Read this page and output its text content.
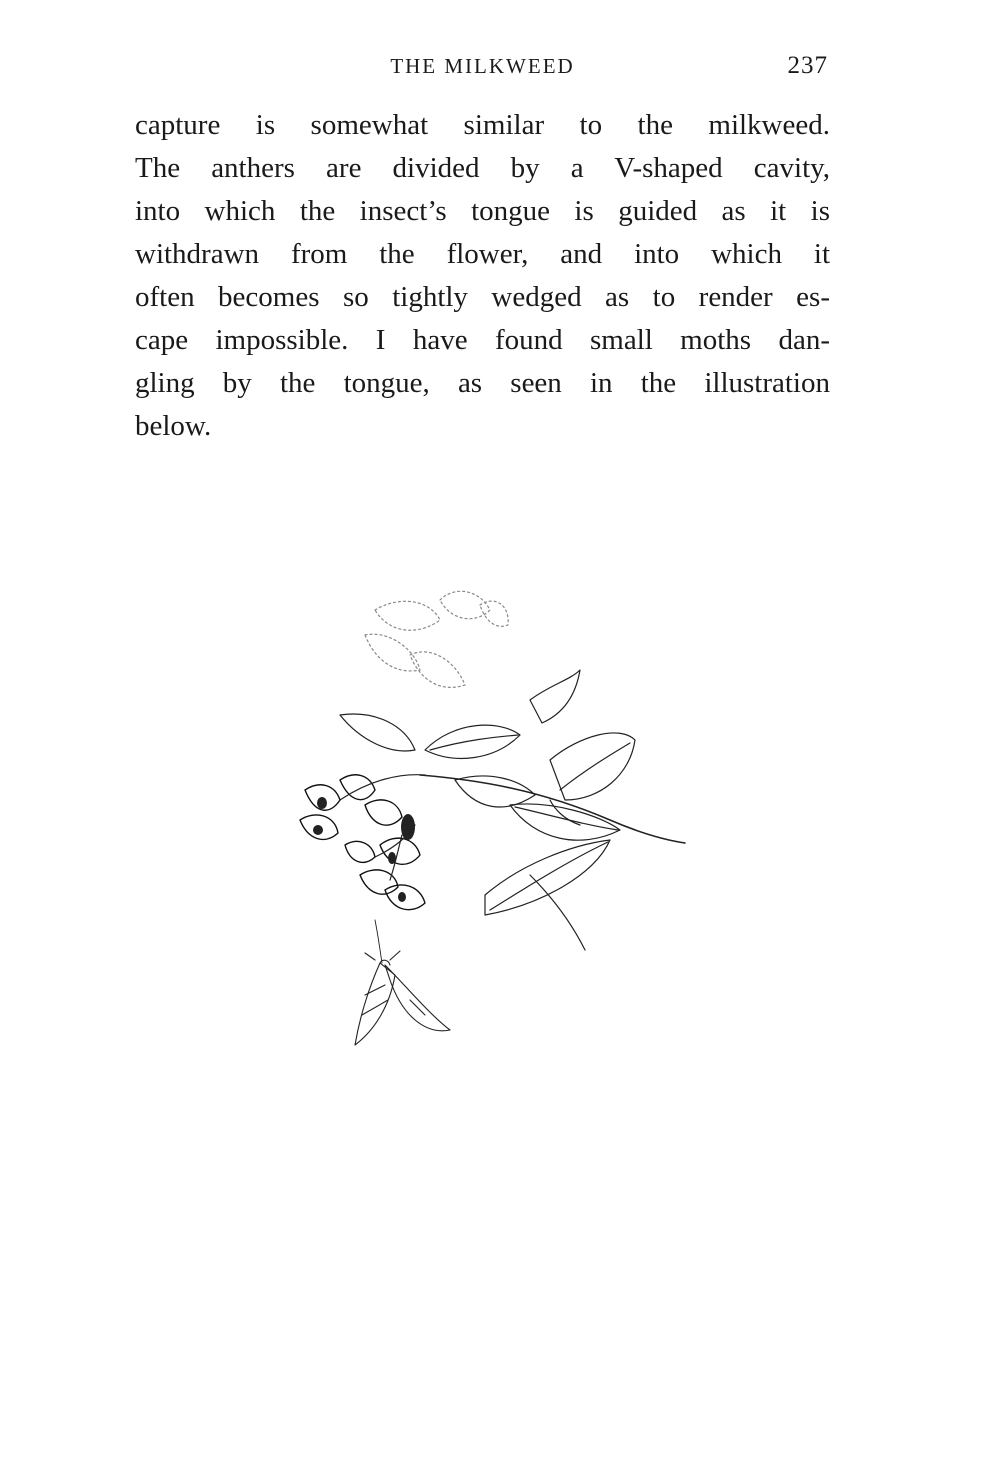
THE MILKWEED	237
capture is somewhat similar to the milkweed.
The anthers are divided by a V-shaped cavity,
into which the insect’s tongue is guided as it is
withdrawn from the flower, and into which it
often becomes so tightly wedged as to render es-
cape impossible. I have found small moths dan-
gling by the tongue, as seen in the illustration
below.
